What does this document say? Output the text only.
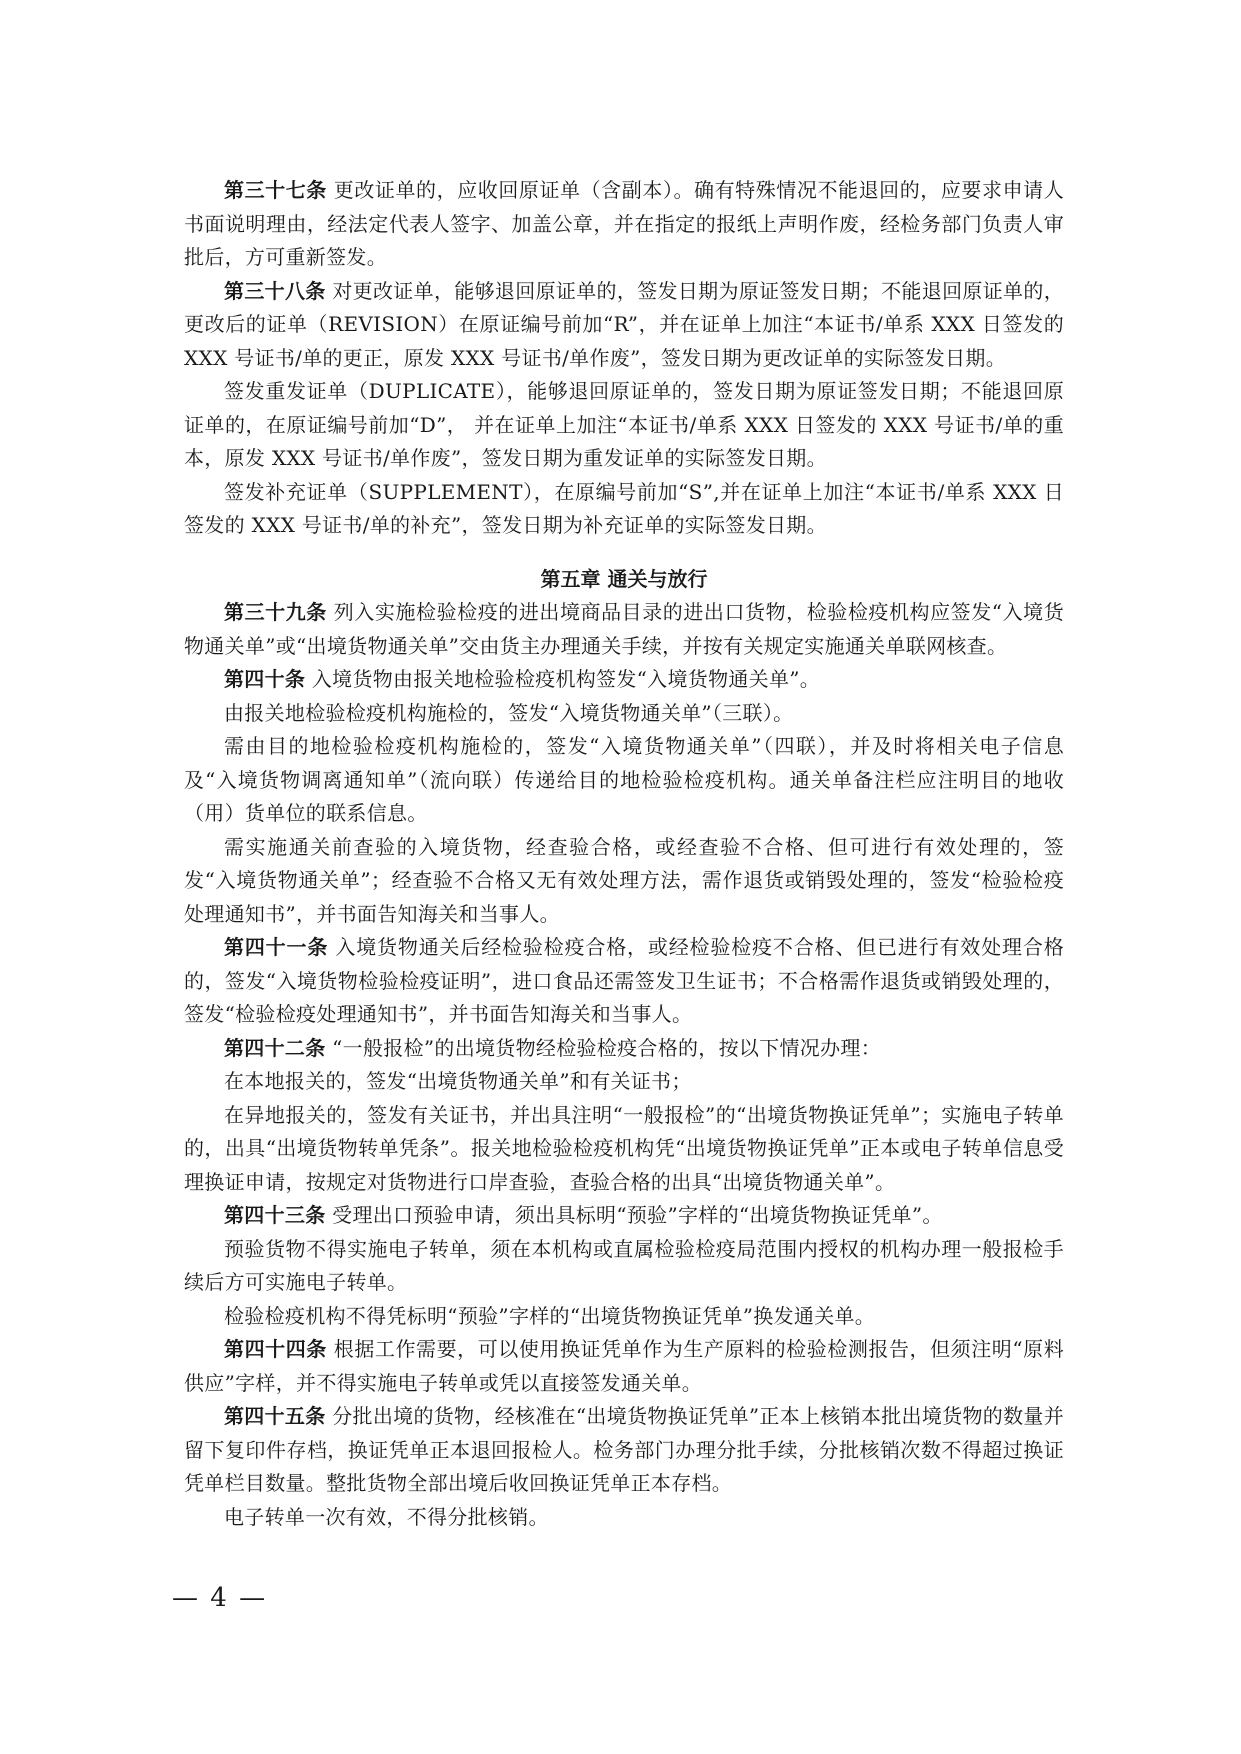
第三十七条 更改证单的，应收回原证单（含副本）。确有特殊情况不能退回的，应要求申请人书面说明理由，经法定代表人签字、加盖公章，并在指定的报纸上声明作废，经检务部门负责人审批后，方可重新签发。

第三十八条 对更改证单，能够退回原证单的，签发日期为原证签发日期；不能退回原证单的，更改后的证单（REVISION）在原证编号前加“R”，并在证单上加注“本证书/单系 XXX 日签发的 XXX 号证书/单的更正，原发 XXX 号证书/单作废”，签发日期为更改证单的实际签发日期。

签发重发证单（DUPLICATE），能够退回原证单的，签发日期为原证签发日期；不能退回原证单的，在原证编号前加“D”， 并在证单上加注“本证书/单系 XXX 日签发的 XXX 号证书/单的重本，原发 XXX 号证书/单作废”，签发日期为重发证单的实际签发日期。

签发补充证单（SUPPLEMENT），在原编号前加“S”,并在证单上加注“本证书/单系 XXX 日签发的 XXX 号证书/单的补充”，签发日期为补充证单的实际签发日期。

第五章 通关与放行

第三十九条 列入实施检验检疫的进出境商品目录的进出口货物，检验检疫机构应签发“入境货物通关单”或“出境货物通关单”交由货主办理通关手续，并按有关规定实施通关单联网核查。

第四十条 入境货物由报关地检验检疫机构签发“入境货物通关单”。

由报关地检验检疫机构施检的，签发“入境货物通关单”（三联）。

需由目的地检验检疫机构施检的，签发“入境货物通关单”（四联），并及时将相关电子信息及“入境货物调离通知单”（流向联）传递给目的地检验检疫机构。通关单备注栏应注明目的地收（用）货单位的联系信息。

需实施通关前查验的入境货物，经查验合格，或经查验不合格、但可进行有效处理的，签发“入境货物通关单”；经查验不合格又无有效处理方法，需作退货或销毁处理的，签发“检验检疫处理通知书”，并书面告知海关和当事人。

第四十一条 入境货物通关后经检验检疫合格，或经检验检疫不合格、但已进行有效处理合格的，签发“入境货物检验检疫证明”，进口食品还需签发卫生证书；不合格需作退货或销毁处理的，签发“检验检疫处理通知书”，并书面告知海关和当事人。

第四十二条 “一般报检”的出境货物经检验检疫合格的，按以下情况办理：

在本地报关的，签发“出境货物通关单”和有关证书；

在异地报关的，签发有关证书，并出具注明“一般报检”的“出境货物换证凭单”；实施电子转单的，出具“出境货物转单凭条”。报关地检验检疫机构凭“出境货物换证凭单”正本或电子转单信息受理换证申请，按规定对货物进行口岸查验，查验合格的出具“出境货物通关单”。

第四十三条 受理出口预验申请，须出具标明“预验”字样的“出境货物换证凭单”。

预验货物不得实施电子转单，须在本机构或直属检验检疫局范围内授权的机构办理一般报检手续后方可实施电子转单。

检验检疫机构不得凭标明“预验”字样的“出境货物换证凭单”换发通关单。

第四十四条 根据工作需要，可以使用换证凭单作为生产原料的检验检测报告，但须注明“原料供应”字样，并不得实施电子转单或凭以直接签发通关单。

第四十五条 分批出境的货物，经核准在“出境货物换证凭单”正本上核销本批出境货物的数量并留下复印件存档，换证凭单正本退回报检人。检务部门办理分批手续，分批核销次数不得超过换证凭单栏目数量。整批货物全部出境后收回换证凭单正本存档。

电子转单一次有效，不得分批核销。

— 4 —
